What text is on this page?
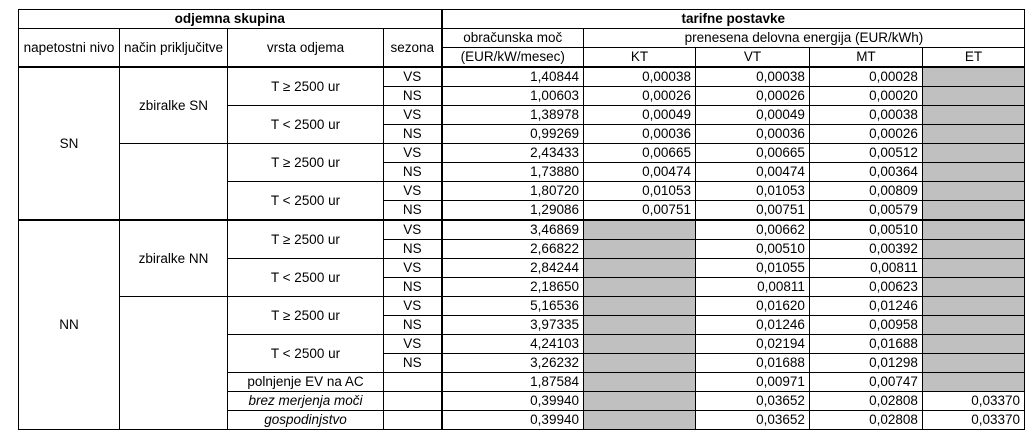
odjemna skupina				tarifne postavke				
napetostni nivo	način priključitve	vrsta odjema	sezona	obračunska moč	prenesena delovna energija (EUR/kWh)			
				(EUR/kW/mesec)	KT	VT	MT	ET
SN	zbiralke SN	T ≥ 2500 ur	VS	1,40844	0,00038	0,00038	0,00028	
			NS	1,00603	0,00026	0,00026	0,00020	
		T < 2500 ur	VS	1,38978	0,00049	0,00049	0,00038	
			NS	0,99269	0,00036	0,00036	0,00026	
		T ≥ 2500 ur	VS	2,43433	0,00665	0,00665	0,00512	
			NS	1,73880	0,00474	0,00474	0,00364	
		T < 2500 ur	VS	1,80720	0,01053	0,01053	0,00809	
			NS	1,29086	0,00751	0,00751	0,00579	
NN	zbiralke NN	T ≥ 2500 ur	VS	3,46869		0,00662	0,00510	
			NS	2,66822		0,00510	0,00392	
		T < 2500 ur	VS	2,84244		0,01055	0,00811	
			NS	2,18650		0,00811	0,00623	
		T ≥ 2500 ur	VS	5,16536		0,01620	0,01246	
			NS	3,97335		0,01246	0,00958	
		T < 2500 ur	VS	4,24103		0,02194	0,01688	
			NS	3,26232		0,01688	0,01298	
		polnjenje EV na AC		1,87584		0,00971	0,00747	
		brez merjenja moči		0,39940		0,03652	0,02808	0,03370
		gospodinjstvo		0,39940		0,03652	0,02808	0,03370
